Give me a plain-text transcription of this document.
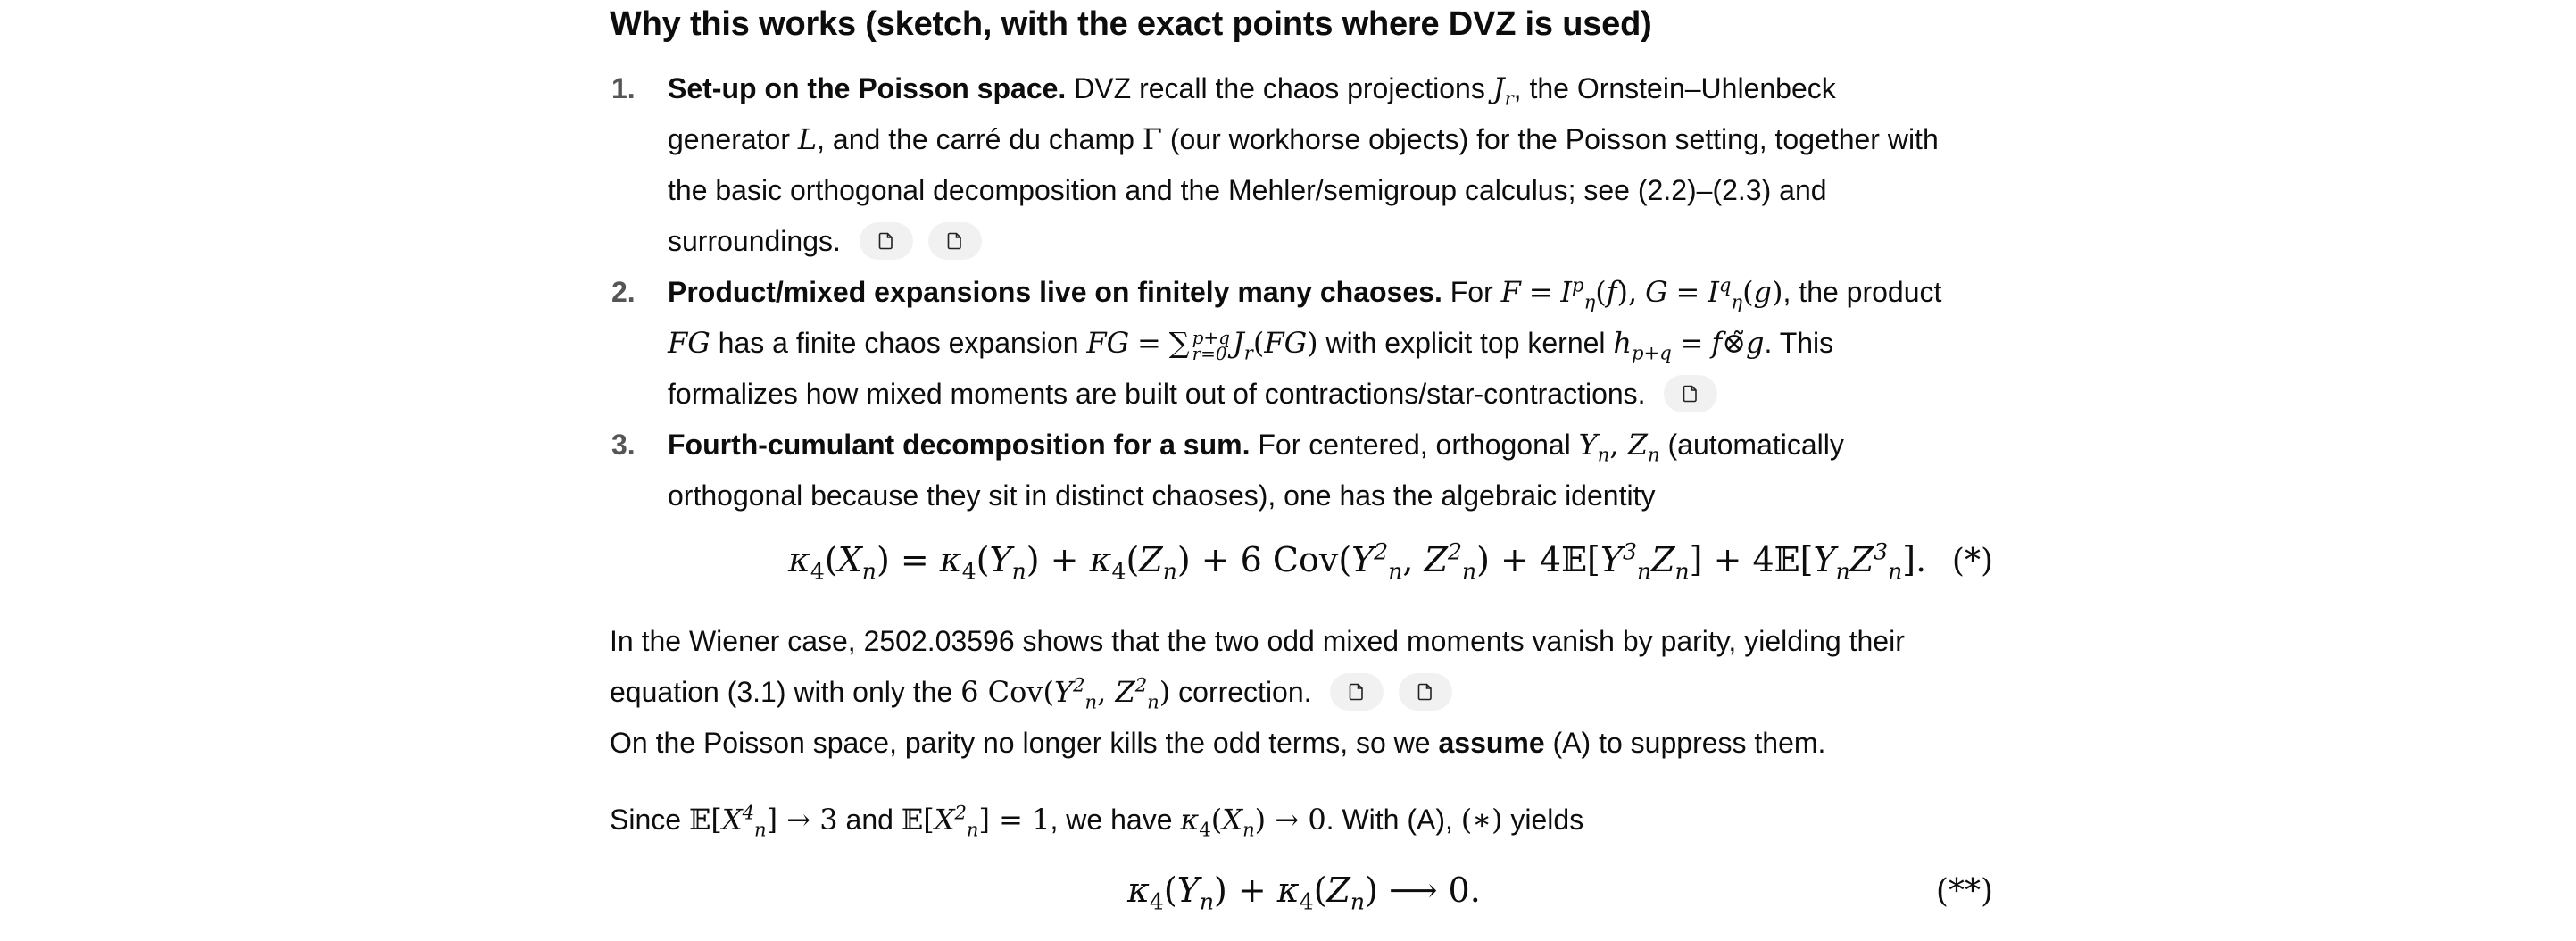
Why this works (sketch, with the exact points where DVZ is used)
1. Set-up on the Poisson space. DVZ recall the chaos projections $J_r$, the Ornstein–Uhlenbeck
generator L, and the carré du champ Γ (our workhorse objects) for the Poisson setting, together with
the basic orthogonal decomposition and the Mehler/semigroup calculus; see (2.2)–(2.3) and
surroundings.

2. Product/mixed expansions live on finitely many chaoses. For $F = I^p_\eta(f)$, $G = I^q_\eta(g)$, the product
FG has a finite chaos expansion FG = ∑ p+q
r=0 $J_r(FG)$ with explicit top kernel $h_{p+q}$ = f⊗̃g. This
formalizes how mixed moments are built out of contractions/star-contractions.
3. Fourth-cumulant decomposition for a sum. For centered, orthogonal $Y_n$, $Z_n$ (automatically
orthogonal because they sit in distinct chaoses), one has the algebraic identity
$\kappa_4(X_n) = \kappa_4(Y_n) + \kappa_4(Z_n) + 6$ $Cov(Y^2_n$, $Z^2_n$) + $4𝔼[Y^3_nZ_n]$ + $4𝔼[Y_nZ^3_n]$. (*)
In the Wiener case, 2502.03596 shows that the two odd mixed moments vanish by parity, yielding their
equation (3.1) with only the 6 $Cov(Y^2_n$, $Z^2_n$) correction.

On the Poisson space, parity no longer kills the odd terms, so we assume (A) to suppress them.
Since $𝔼[X^4_n] \to 3$ and $𝔼[X^2_n] = 1$, we have $\kappa_4(X_n) \to 0$. With (A), (∗) yields
$\kappa_4(Y_n) + \kappa_4(Z_n)$ ⟶ 0.	(**)
